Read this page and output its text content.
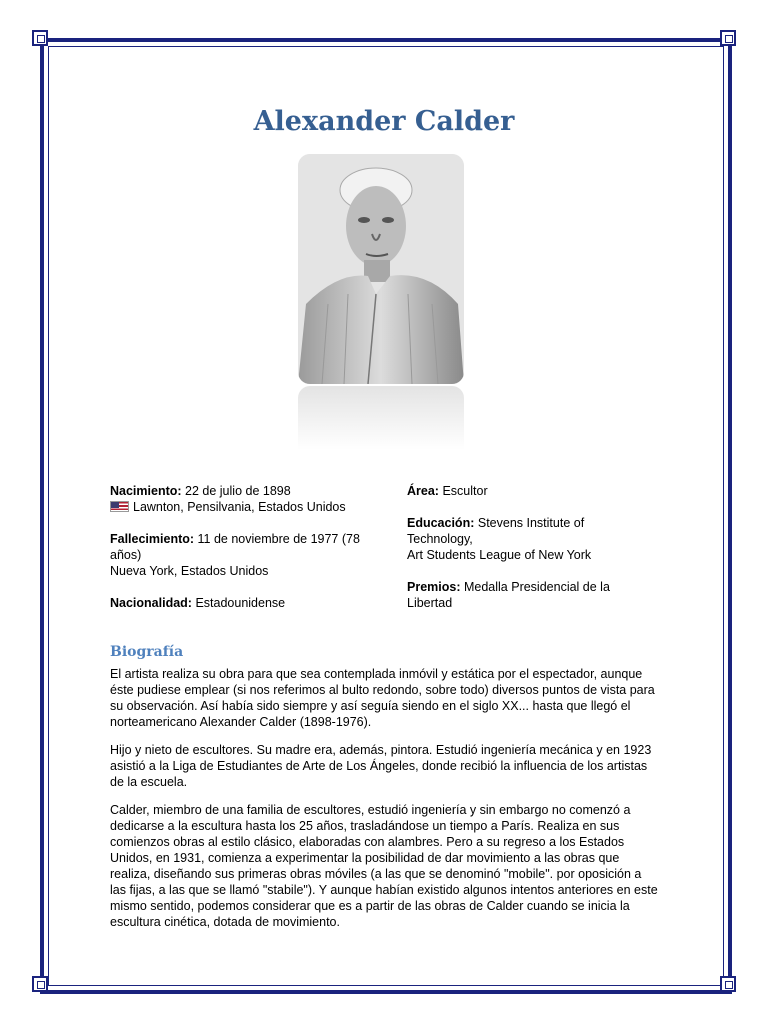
Alexander Calder
Nacimiento: 22 de julio de 1898
Lawnton, Pensilvania, Estados Unidos
Fallecimiento: 11 de noviembre de 1977 (78 años)
Nueva York, Estados Unidos
Nacionalidad: Estadounidense
Área: Escultor
Educación: Stevens Institute of Technology,
Art Students League of New York
Premios: Medalla Presidencial de la Libertad
Biografía

El artista realiza su obra para que sea contemplada inmóvil y estática por el espectador, aunque éste pudiese emplear (si nos referimos al bulto redondo, sobre todo) diversos puntos de vista para su observación. Así había sido siempre y así seguía siendo en el siglo XX... hasta que llegó el norteamericano Alexander Calder (1898-1976).

Hijo y nieto de escultores. Su madre era, además, pintora. Estudió ingeniería mecánica y en 1923 asistió a la Liga de Estudiantes de Arte de Los Ángeles, donde recibió la influencia de los artistas de la escuela.

Calder, miembro de una familia de escultores, estudió ingeniería y sin embargo no comenzó a dedicarse a la escultura hasta los 25 años, trasladándose un tiempo a París. Realiza en sus comienzos obras al estilo clásico, elaboradas con alambres. Pero a su regreso a los Estados Unidos, en 1931, comienza a experimentar la posibilidad de dar movimiento a las obras que realiza, diseñando sus primeras obras móviles (a las que se denominó "mobile". por oposición a las fijas, a las que se llamó "stabile"). Y aunque habían existido algunos intentos anteriores en este mismo sentido, podemos considerar que es a partir de las obras de Calder cuando se inicia la escultura cinética, dotada de movimiento.
